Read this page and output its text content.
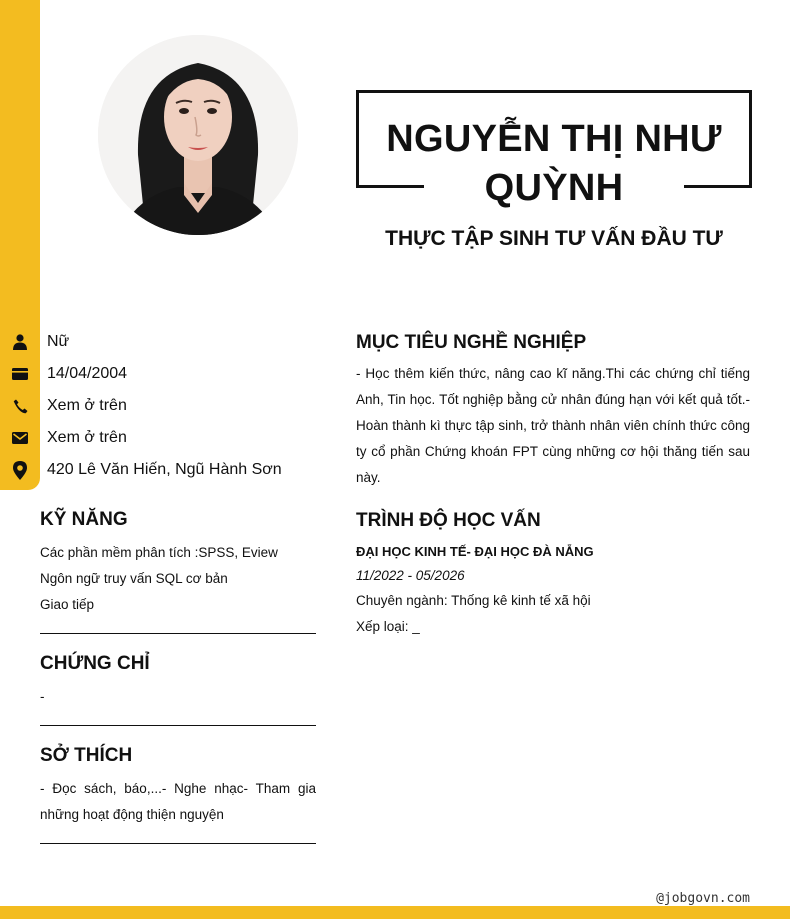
NGUYỄN THỊ NHƯ QUỲNH
THỰC TẬP SINH TƯ VẤN ĐẦU TƯ
Nữ
14/04/2004
Xem ở trên
Xem ở trên
420 Lê Văn Hiến, Ngũ Hành Sơn
KỸ NĂNG
Các phần mềm phân tích :SPSS, Eview
Ngôn ngữ truy vấn SQL cơ bản
Giao tiếp
CHỨNG CHỈ
-
SỞ THÍCH
- Đọc sách, báo,...- Nghe nhạc- Tham gia những hoạt động thiện nguyện
MỤC TIÊU NGHỀ NGHIỆP
- Học thêm kiến thức, nâng cao kĩ năng.Thi các chứng chỉ tiếng Anh, Tin học. Tốt nghiệp bằng cử nhân đúng hạn với kết quả tốt.- Hoàn thành kì thực tập sinh, trở thành nhân viên chính thức công ty cổ phần Chứng khoán FPT cùng những cơ hội thăng tiến sau này.
TRÌNH ĐỘ HỌC VẤN
ĐẠI HỌC KINH TẾ- ĐẠI HỌC ĐÀ NẴNG
11/2022 - 05/2026
Chuyên ngành: Thống kê kinh tế xã hội
Xếp loại: _
@jobgovn.com
